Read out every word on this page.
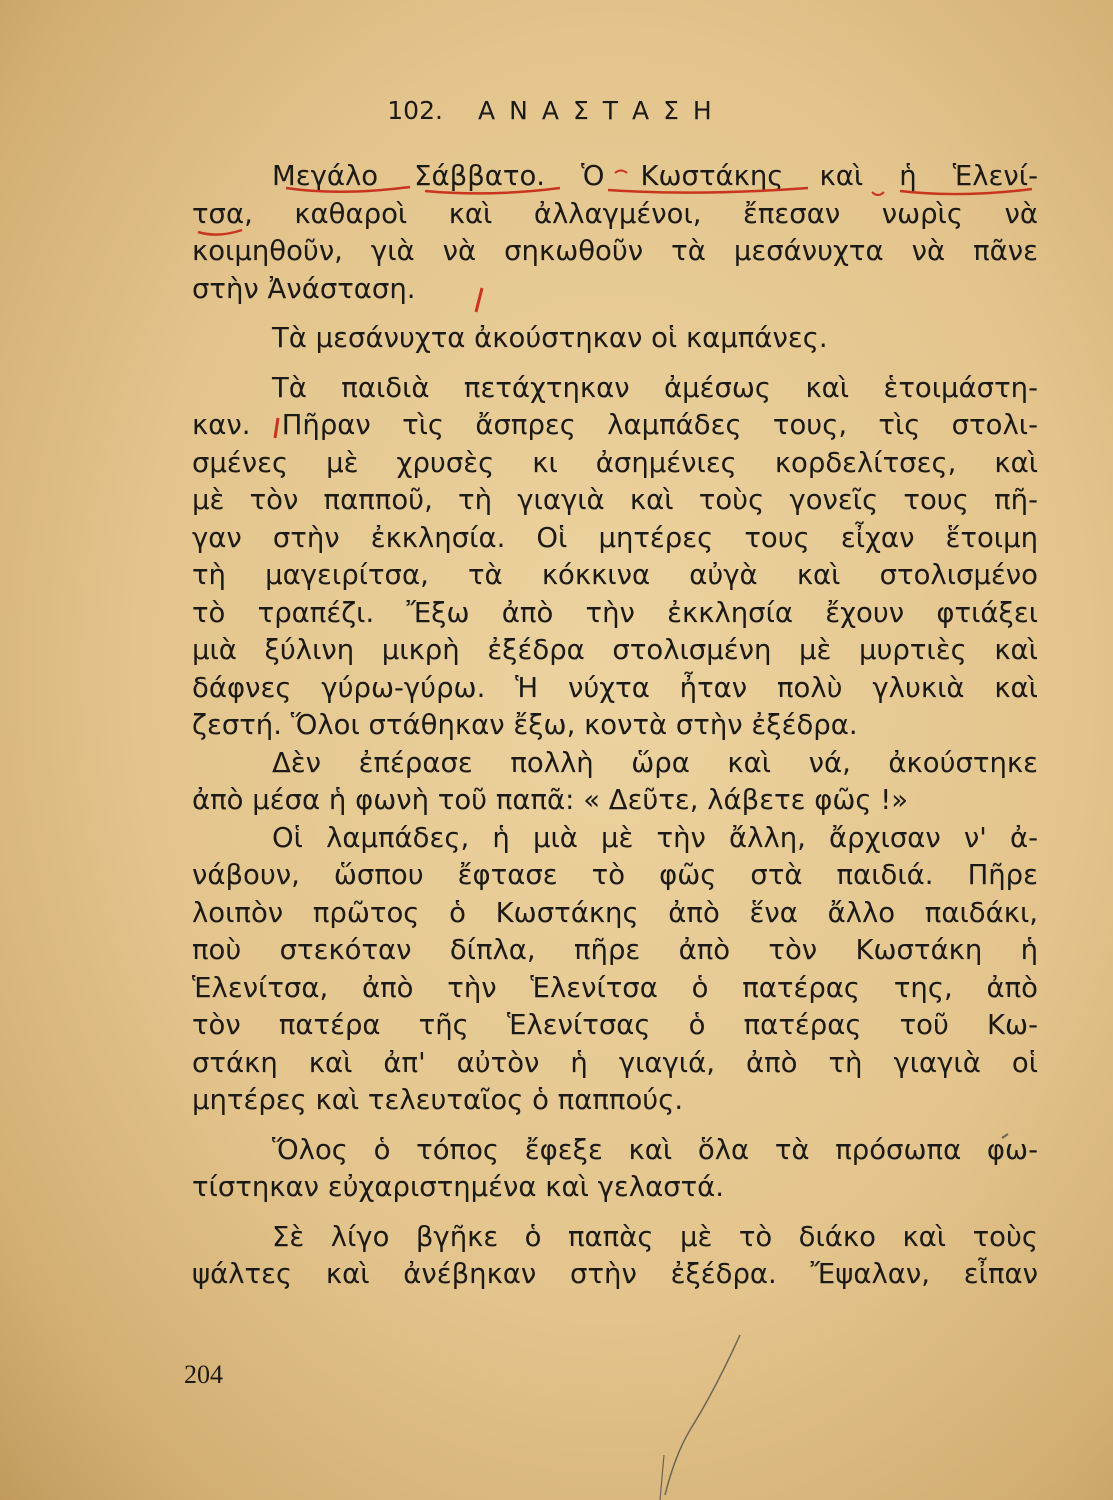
102. ΑΝΑΣΤΑΣΗ
Μεγάλο Σάββατο. Ὁ Κωστάκης καὶ ἡ Ἑλενί-
τσα, καθαροὶ καὶ ἀλλαγμένοι, ἔπεσαν νωρὶς νὰ
κοιμηθοῦν, γιὰ νὰ σηκωθοῦν τὰ μεσάνυχτα νὰ πᾶνε
στὴν Ἀνάσταση.
Τὰ μεσάνυχτα ἀκούστηκαν οἱ καμπάνες.
Τὰ παιδιὰ πετάχτηκαν ἀμέσως καὶ ἑτοιμάστη-
καν. Πῆραν τὶς ἄσπρες λαμπάδες τους, τὶς στολι-
σμένες μὲ χρυσὲς κι ἀσημένιες κορδελίτσες, καὶ
μὲ τὸν παπποῦ, τὴ γιαγιὰ καὶ τοὺς γονεῖς τους πῆ-
γαν στὴν ἐκκλησία. Οἱ μητέρες τους εἶχαν ἕτοιμη
τὴ μαγειρίτσα, τὰ κόκκινα αὐγὰ καὶ στολισμένο
τὸ τραπέζι. Ἔξω ἀπὸ τὴν ἐκκλησία ἔχουν φτιάξει
μιὰ ξύλινη μικρὴ ἐξέδρα στολισμένη μὲ μυρτιὲς καὶ
δάφνες γύρω-γύρω. Ἡ νύχτα ἦταν πολὺ γλυκιὰ καὶ
ζεστή. Ὅλοι στάθηκαν ἔξω, κοντὰ στὴν ἐξέδρα.
Δὲν ἐπέρασε πολλὴ ὥρα καὶ νά, ἀκούστηκε
ἀπὸ μέσα ἡ φωνὴ τοῦ παπᾶ: « Δεῦτε, λάβετε φῶς !»
Οἱ λαμπάδες, ἡ μιὰ μὲ τὴν ἄλλη, ἄρχισαν ν' ἀ-
νάβουν, ὥσπου ἔφτασε τὸ φῶς στὰ παιδιά. Πῆρε
λοιπὸν πρῶτος ὁ Κωστάκης ἀπὸ ἕνα ἄλλο παιδάκι,
ποὺ στεκόταν δίπλα, πῆρε ἀπὸ τὸν Κωστάκη ἡ
Ἑλενίτσα, ἀπὸ τὴν Ἑλενίτσα ὁ πατέρας της, ἀπὸ
τὸν πατέρα τῆς Ἑλενίτσας ὁ πατέρας τοῦ Κω-
στάκη καὶ ἀπ' αὐτὸν ἡ γιαγιά, ἀπὸ τὴ γιαγιὰ οἱ
μητέρες καὶ τελευταῖος ὁ παππούς.
Ὅλος ὁ τόπος ἔφεξε καὶ ὅλα τὰ πρόσωπα φω-
τίστηκαν εὐχαριστημένα καὶ γελαστά.
Σὲ λίγο βγῆκε ὁ παπὰς μὲ τὸ διάκο καὶ τοὺς
ψάλτες καὶ ἀνέβηκαν στὴν ἐξέδρα. Ἔψαλαν, εἶπαν
204
